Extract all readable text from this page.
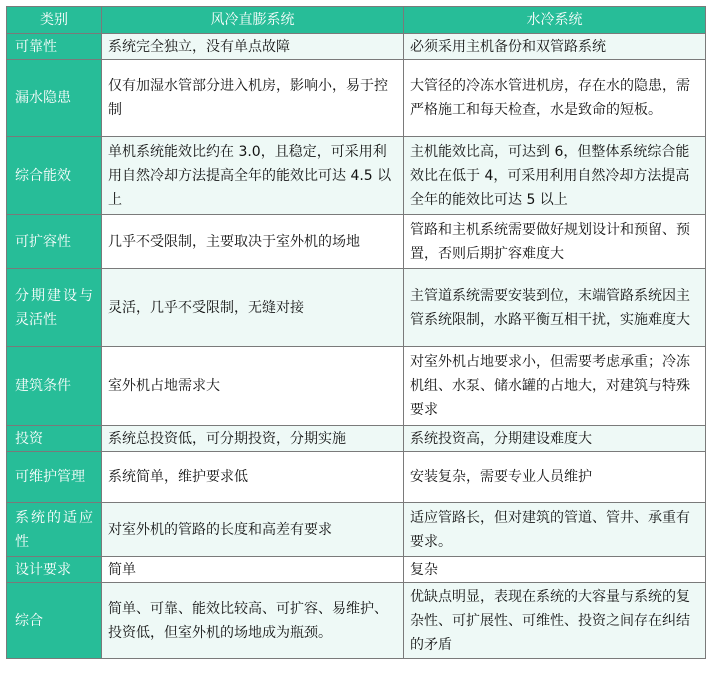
类别	风冷直膨系统	水冷系统
可靠性	系统完全独立，没有单点故障	必须采用主机备份和双管路系统
漏水隐患	仅有加湿水管部分进入机房，影响小，易于控制	大管径的冷冻水管进机房，存在水的隐患，需严格施工和每天检查，水是致命的短板。
综合能效	单机系统能效比约在 3.0，且稳定，可采用利用自然冷却方法提高全年的能效比可达 4.5 以上	主机能效比高，可达到 6，但整体系统综合能效比在低于 4，可采用利用自然冷却方法提高全年的能效比可达 5 以上
可扩容性	几乎不受限制，主要取决于室外机的场地	管路和主机系统需要做好规划设计和预留、预置，否则后期扩容难度大
分期建设与灵活性	灵活，几乎不受限制，无缝对接	主管道系统需要安装到位，末端管路系统因主管系统限制，水路平衡互相干扰，实施难度大
建筑条件	室外机占地需求大	对室外机占地要求小，但需要考虑承重；冷冻机组、水泵、储水罐的占地大，对建筑与特殊要求
投资	系统总投资低，可分期投资，分期实施	系统投资高，分期建设难度大
可维护管理	系统简单，维护要求低	安装复杂，需要专业人员维护
系统的适应性	对室外机的管路的长度和高差有要求	适应管路长，但对建筑的管道、管井、承重有要求。
设计要求	简单	复杂
综合	简单、可靠、能效比较高、可扩容、易维护、投资低，但室外机的场地成为瓶颈。	优缺点明显，表现在系统的大容量与系统的复杂性、可扩展性、可维性、投资之间存在纠结的矛盾
